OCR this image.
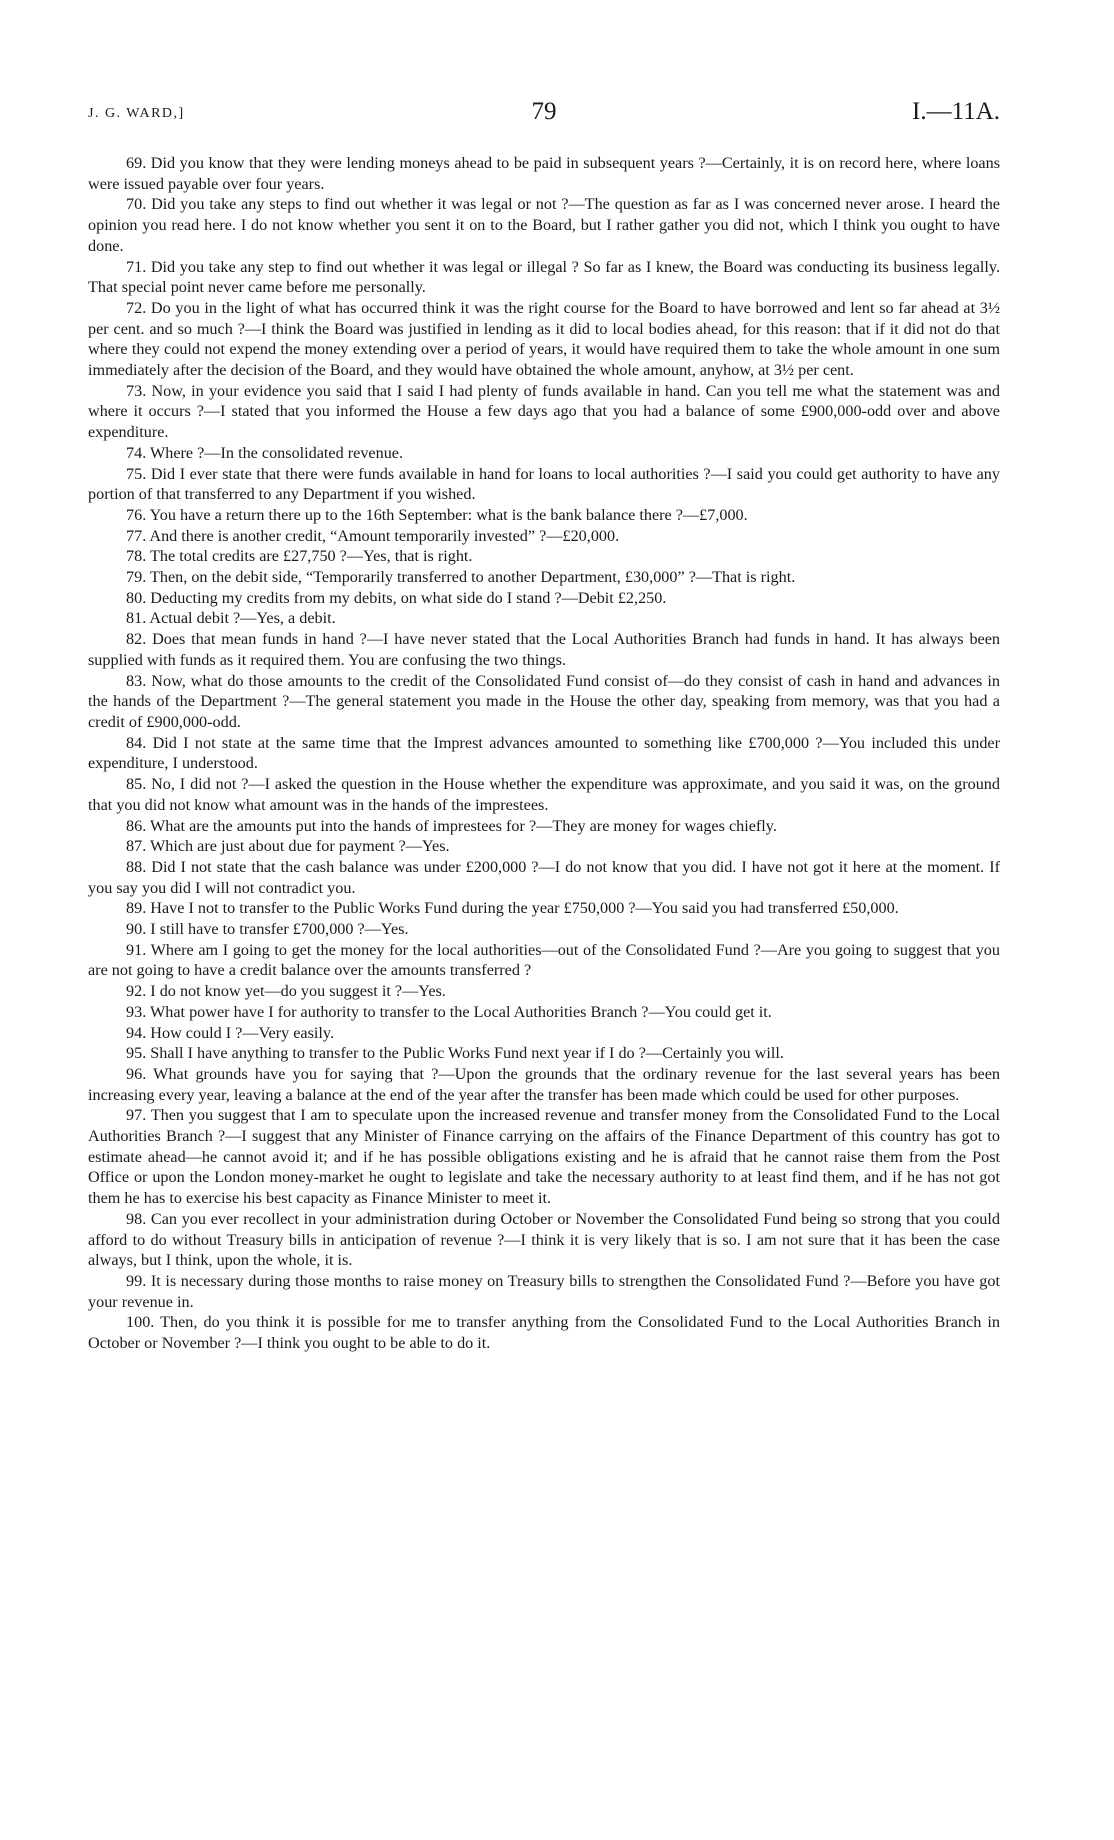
J. G. WARD,]	79	I.—11A.

69. Did you know that they were lending moneys ahead to be paid in subsequent years ?—Certainly, it is on record here, where loans were issued payable over four years.

70. Did you take any steps to find out whether it was legal or not ?—The question as far as I was concerned never arose. I heard the opinion you read here. I do not know whether you sent it on to the Board, but I rather gather you did not, which I think you ought to have done.

71. Did you take any step to find out whether it was legal or illegal ? So far as I knew, the Board was conducting its business legally. That special point never came before me personally.

72. Do you in the light of what has occurred think it was the right course for the Board to have borrowed and lent so far ahead at 3½ per cent. and so much ?—I think the Board was justified in lending as it did to local bodies ahead, for this reason: that if it did not do that where they could not expend the money extending over a period of years, it would have required them to take the whole amount in one sum immediately after the decision of the Board, and they would have obtained the whole amount, anyhow, at 3½ per cent.

73. Now, in your evidence you said that I said I had plenty of funds available in hand. Can you tell me what the statement was and where it occurs ?—I stated that you informed the House a few days ago that you had a balance of some £900,000-odd over and above expenditure.

74. Where ?—In the consolidated revenue.

75. Did I ever state that there were funds available in hand for loans to local authorities ?—I said you could get authority to have any portion of that transferred to any Department if you wished.

76. You have a return there up to the 16th September: what is the bank balance there ?—£7,000.

77. And there is another credit, “Amount temporarily invested” ?—£20,000.

78. The total credits are £27,750 ?—Yes, that is right.

79. Then, on the debit side, “Temporarily transferred to another Department, £30,000” ?—That is right.

80. Deducting my credits from my debits, on what side do I stand ?—Debit £2,250.

81. Actual debit ?—Yes, a debit.

82. Does that mean funds in hand ?—I have never stated that the Local Authorities Branch had funds in hand. It has always been supplied with funds as it required them. You are confusing the two things.

83. Now, what do those amounts to the credit of the Consolidated Fund consist of—do they consist of cash in hand and advances in the hands of the Department ?—The general statement you made in the House the other day, speaking from memory, was that you had a credit of £900,000-odd.

84. Did I not state at the same time that the Imprest advances amounted to something like £700,000 ?—You included this under expenditure, I understood.

85. No, I did not ?—I asked the question in the House whether the expenditure was approximate, and you said it was, on the ground that you did not know what amount was in the hands of the imprestees.

86. What are the amounts put into the hands of imprestees for ?—They are money for wages chiefly.

87. Which are just about due for payment ?—Yes.

88. Did I not state that the cash balance was under £200,000 ?—I do not know that you did. I have not got it here at the moment. If you say you did I will not contradict you.

89. Have I not to transfer to the Public Works Fund during the year £750,000 ?—You said you had transferred £50,000.

90. I still have to transfer £700,000 ?—Yes.

91. Where am I going to get the money for the local authorities—out of the Consolidated Fund ?—Are you going to suggest that you are not going to have a credit balance over the amounts transferred ?

92. I do not know yet—do you suggest it ?—Yes.

93. What power have I for authority to transfer to the Local Authorities Branch ?—You could get it.

94. How could I ?—Very easily.

95. Shall I have anything to transfer to the Public Works Fund next year if I do ?—Certainly you will.

96. What grounds have you for saying that ?—Upon the grounds that the ordinary revenue for the last several years has been increasing every year, leaving a balance at the end of the year after the transfer has been made which could be used for other purposes.

97. Then you suggest that I am to speculate upon the increased revenue and transfer money from the Consolidated Fund to the Local Authorities Branch ?—I suggest that any Minister of Finance carrying on the affairs of the Finance Department of this country has got to estimate ahead—he cannot avoid it; and if he has possible obligations existing and he is afraid that he cannot raise them from the Post Office or upon the London money-market he ought to legislate and take the necessary authority to at least find them, and if he has not got them he has to exercise his best capacity as Finance Minister to meet it.

98. Can you ever recollect in your administration during October or November the Consolidated Fund being so strong that you could afford to do without Treasury bills in anticipation of revenue ?—I think it is very likely that is so. I am not sure that it has been the case always, but I think, upon the whole, it is.

99. It is necessary during those months to raise money on Treasury bills to strengthen the Consolidated Fund ?—Before you have got your revenue in.

100. Then, do you think it is possible for me to transfer anything from the Consolidated Fund to the Local Authorities Branch in October or November ?—I think you ought to be able to do it.
